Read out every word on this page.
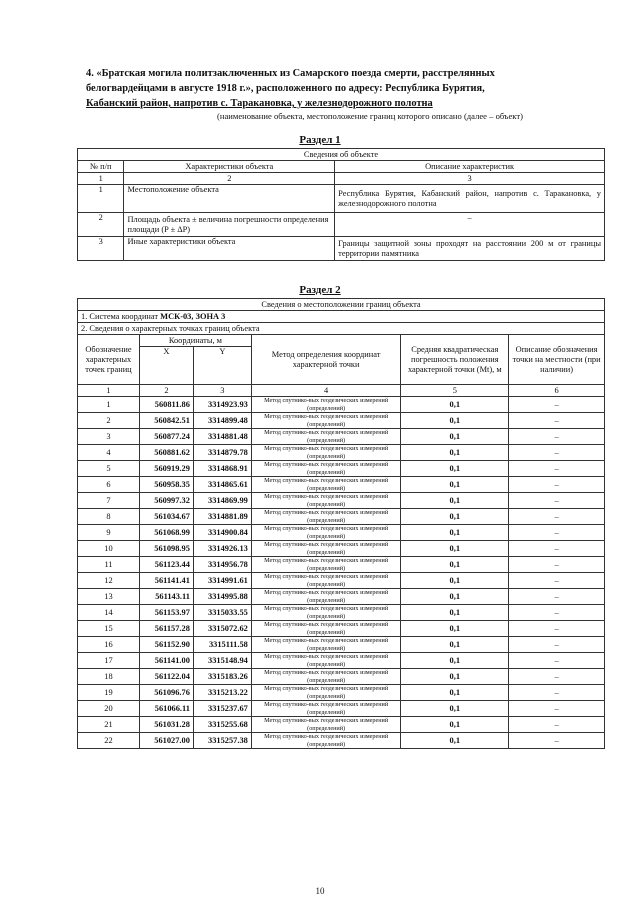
4. «Братская могила политзаключенных из Самарского поезда смерти, расстрелянных
белогвардейцами в августе 1918 г.», расположенного по адресу: Республика Бурятия,
Кабанский район, напротив с. Таракановка, у железнодорожного полотна
(наименование объекта, местоположение границ которого описано (далее – объект)
Раздел 1
Сведения об объекте		
№ п/п	Характеристики объекта	Описание характеристик
1	2	3
1	Местоположение объекта	Республика Бурятия, Кабанский район, напротив с. Таракановка, у железнодорожного полотна
2	Площадь объекта ± величина погрешности определения площади (P ± ΔP)	–
3	Иные характеристики объекта	Границы защитной зоны проходят на расстоянии 200 м от границы территории памятника
Раздел 2
Сведения о местоположении границ объекта					
1. Система координат МСК-03, ЗОНА 3					
2. Сведения о характерных точках границ объекта					
Обозначение характерных точек границ	Координаты, м		Метод определения координат характерной точки	Средняя квадратическая погрешность положения характерной точки (Mt), м	Описание обозначения точки на местности (при наличии)
	X	Y			
1	2	3	4	5	6
1	560811.86	3314923.93	Метод спутнико-вых геодезических измерений (определений)	0,1	–
2	560842.51	3314899.48	Метод спутнико-вых геодезических измерений (определений)	0,1	–
3	560877.24	3314881.48	Метод спутнико-вых геодезических измерений (определений)	0,1	–
4	560881.62	3314879.78	Метод спутнико-вых геодезических измерений (определений)	0,1	–
5	560919.29	3314868.91	Метод спутнико-вых геодезических измерений (определений)	0,1	–
6	560958.35	3314865.61	Метод спутнико-вых геодезических измерений (определений)	0,1	–
7	560997.32	3314869.99	Метод спутнико-вых геодезических измерений (определений)	0,1	–
8	561034.67	3314881.89	Метод спутнико-вых геодезических измерений (определений)	0,1	–
9	561068.99	3314900.84	Метод спутнико-вых геодезических измерений (определений)	0,1	–
10	561098.95	3314926.13	Метод спутнико-вых геодезических измерений (определений)	0,1	–
11	561123.44	3314956.78	Метод спутнико-вых геодезических измерений (определений)	0,1	–
12	561141.41	3314991.61	Метод спутнико-вых геодезических измерений (определений)	0,1	–
13	561143.11	3314995.88	Метод спутнико-вых геодезических измерений (определений)	0,1	–
14	561153.97	3315033.55	Метод спутнико-вых геодезических измерений (определений)	0,1	–
15	561157.28	3315072.62	Метод спутнико-вых геодезических измерений (определений)	0,1	–
16	561152.90	3315111.58	Метод спутнико-вых геодезических измерений (определений)	0,1	–
17	561141.00	3315148.94	Метод спутнико-вых геодезических измерений (определений)	0,1	–
18	561122.04	3315183.26	Метод спутнико-вых геодезических измерений (определений)	0,1	–
19	561096.76	3315213.22	Метод спутнико-вых геодезических измерений (определений)	0,1	–
20	561066.11	3315237.67	Метод спутнико-вых геодезических измерений (определений)	0,1	–
21	561031.28	3315255.68	Метод спутнико-вых геодезических измерений (определений)	0,1	–
22	561027.00	3315257.38	Метод спутнико-вых геодезических измерений (определений)	0,1	–
10
